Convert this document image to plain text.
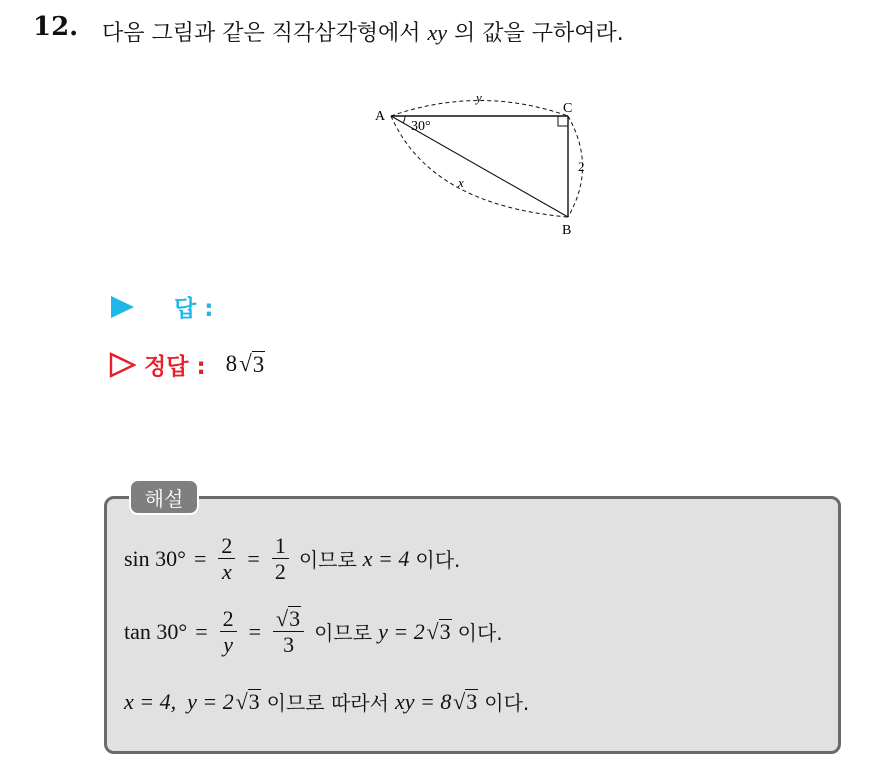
12. 다음 그림과 같은 직각삼각형에서 xy 의 값을 구하여라.
A
C
B
30°
y
x
2
답 :
정답 : 8 √ 3
해설
$\sin 30^\circ = \frac{2}{x} = \frac{1}{2}$ 이므로 x = 4 이다.
$\tan 30^\circ = \frac{2}{y} = \frac{√ 3}{3}$ 이므로 y = 2
  √ 3 이다.
x = 4,
y = 2
  √ 3 이므로 따라서 xy = 8
  √ 3 이다.
